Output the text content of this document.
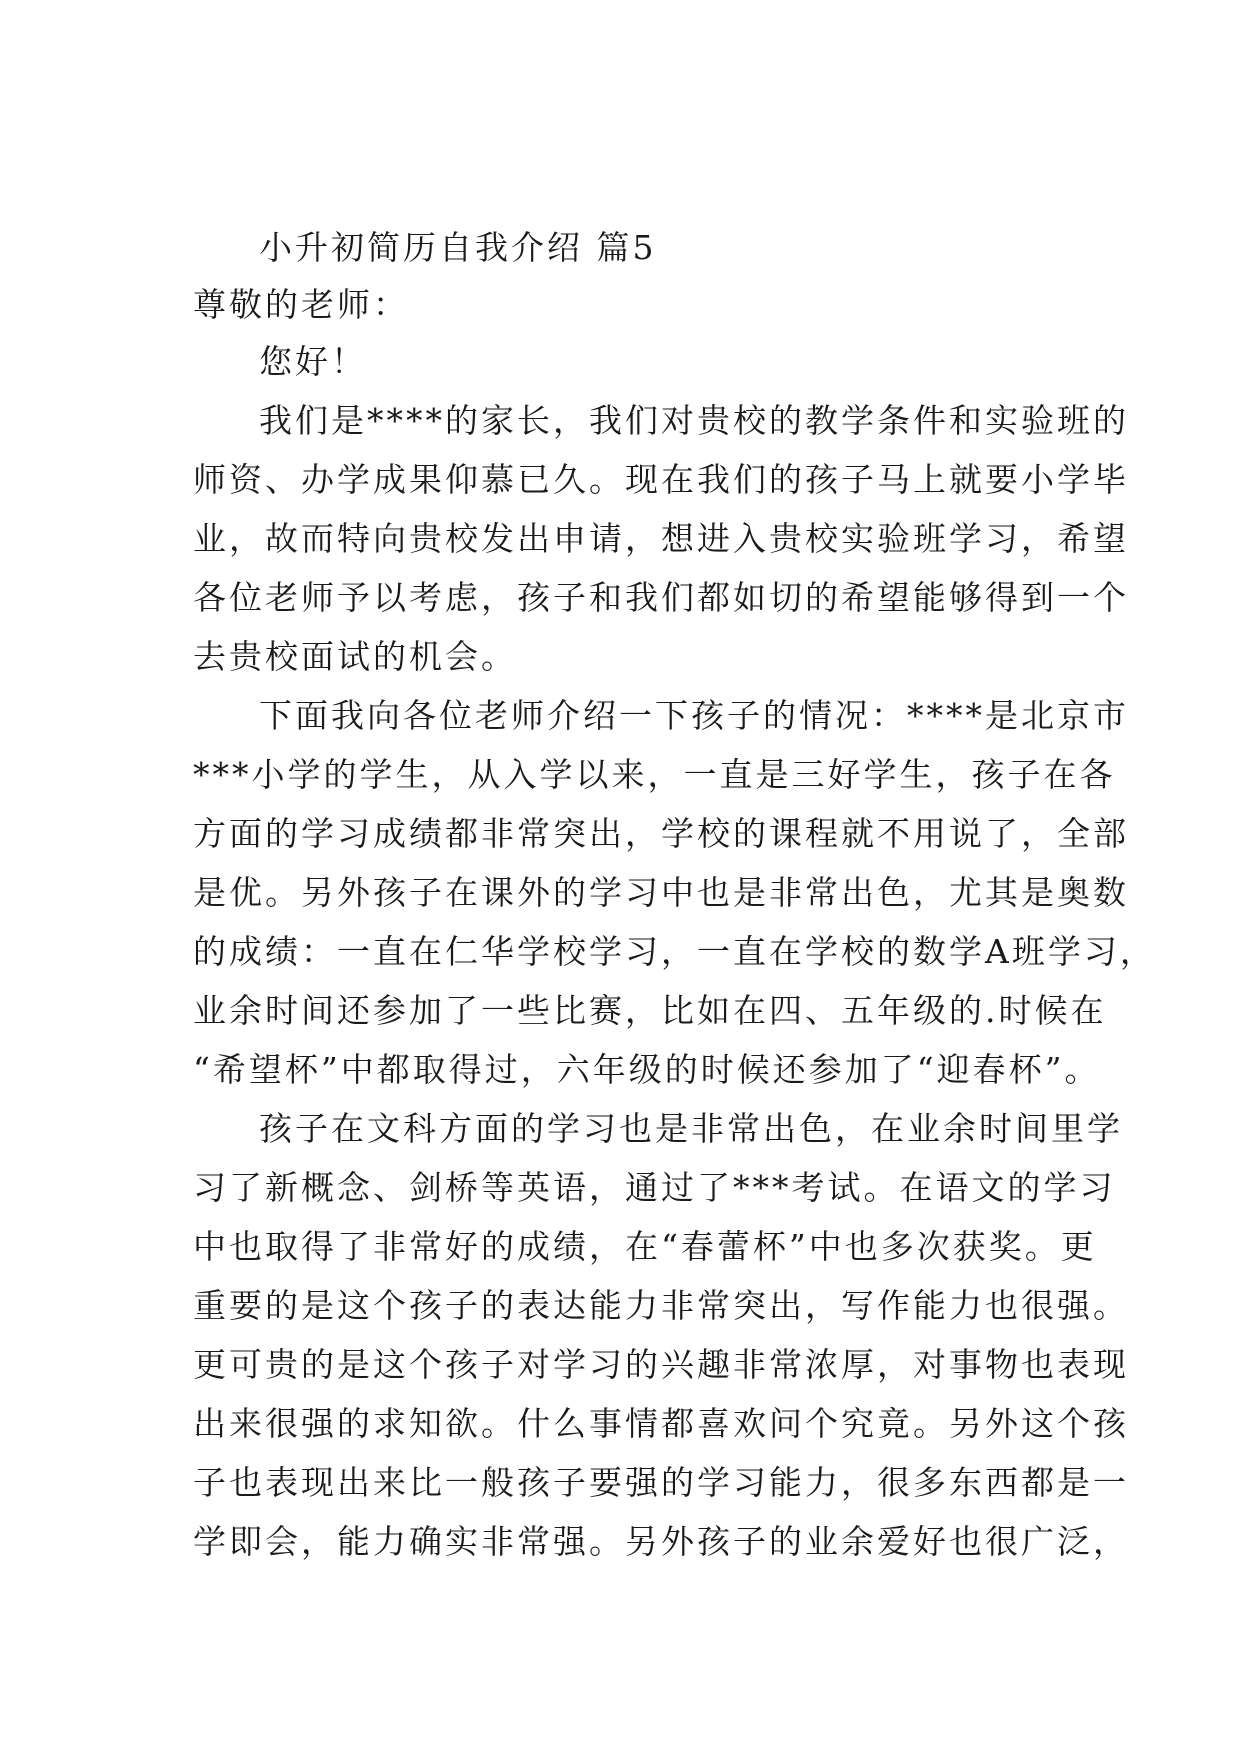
小升初简历自我介绍 篇5
尊敬的老师：
您好！
我们是****的家长，我们对贵校的教学条件和实验班的
师资、办学成果仰慕已久。现在我们的孩子马上就要小学毕
业，故而特向贵校发出申请，想进入贵校实验班学习，希望
各位老师予以考虑，孩子和我们都如切的希望能够得到一个
去贵校面试的机会。
下面我向各位老师介绍一下孩子的情况：****是北京市
***小学的学生，从入学以来，一直是三好学生，孩子在各
方面的学习成绩都非常突出，学校的课程就不用说了，全部
是优。另外孩子在课外的学习中也是非常出色，尤其是奥数
的成绩：一直在仁华学校学习，一直在学校的数学A班学习，
业余时间还参加了一些比赛，比如在四、五年级的.时候在
“希望杯”中都取得过，六年级的时候还参加了“迎春杯”。
孩子在文科方面的学习也是非常出色，在业余时间里学
习了新概念、剑桥等英语，通过了***考试。在语文的学习
中也取得了非常好的成绩，在“春蕾杯”中也多次获奖。更
重要的是这个孩子的表达能力非常突出，写作能力也很强。
更可贵的是这个孩子对学习的兴趣非常浓厚，对事物也表现
出来很强的求知欲。什么事情都喜欢问个究竟。另外这个孩
子也表现出来比一般孩子要强的学习能力，很多东西都是一
学即会，能力确实非常强。另外孩子的业余爱好也很广泛，
